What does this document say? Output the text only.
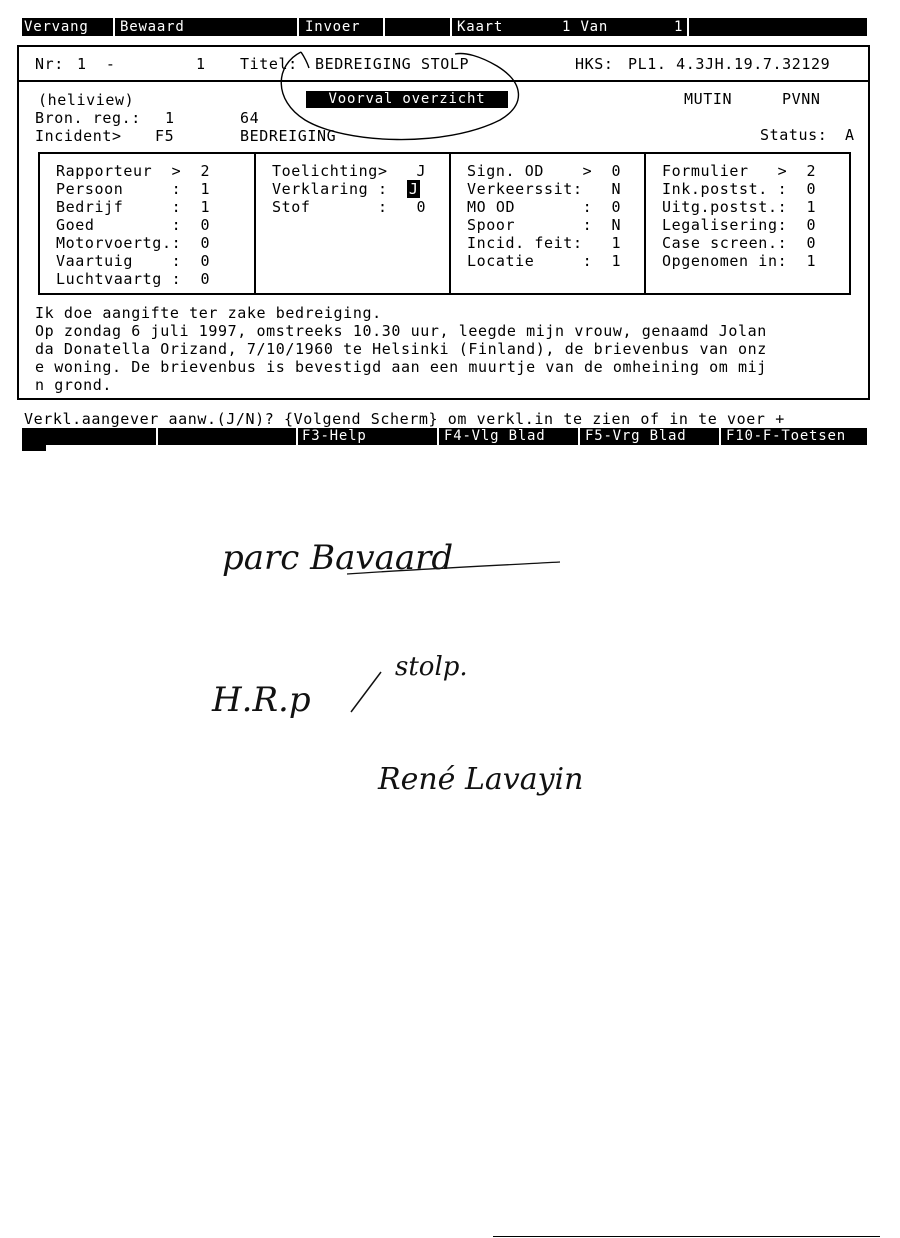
Vervang Bewaard	Invoer	Kaart	1 Van	1
Nr: 1  -	1 Titel: BEDREIGING STOLP	HKS: PL1. 4.3JH.19.7.32129
(heliview)	Voorval overzicht	MUTIN	PVNN
Bron. reg.: 1	64
Incident> F5	BEDREIGING	Status: A
Rapporteur  > 2
Persoon     : 1
Bedrijf     : 1
Goed        : 0
Motorvoertg.: 0
Vaartuig    : 0
Luchtvaartg : 0
Toelichting> J
Verklaring : J
Stof       : 0
Sign. OD    > 0
Verkeerssit: N
MO OD       : 0
Spoor       : N
Incid. feit: 1
Locatie     : 1
Formulier   > 2
Ink.postst. : 0
Uitg.postst.: 1
Legalisering: 0
Case screen.: 0
Opgenomen in: 1
Ik doe aangifte ter zake bedreiging.
Op zondag 6 juli 1997, omstreeks 10.30 uur, leegde mijn vrouw, genaamd Jolan
da Donatella Orizand, 7/10/1960 te Helsinki (Finland), de brievenbus van onz
e woning. De brievenbus is bevestigd aan een muurtje van de omheining om mij
n grond.
Verkl.aangever aanw.(J/N)? {Volgend Scherm} om verkl.in te zien of in te voer +
F3-Help	F4-Vlg Blad	F5-Vrg Blad	F10-F-Toetsen
parc Bavaard
H.R.p
stolp.
René Lavayin
